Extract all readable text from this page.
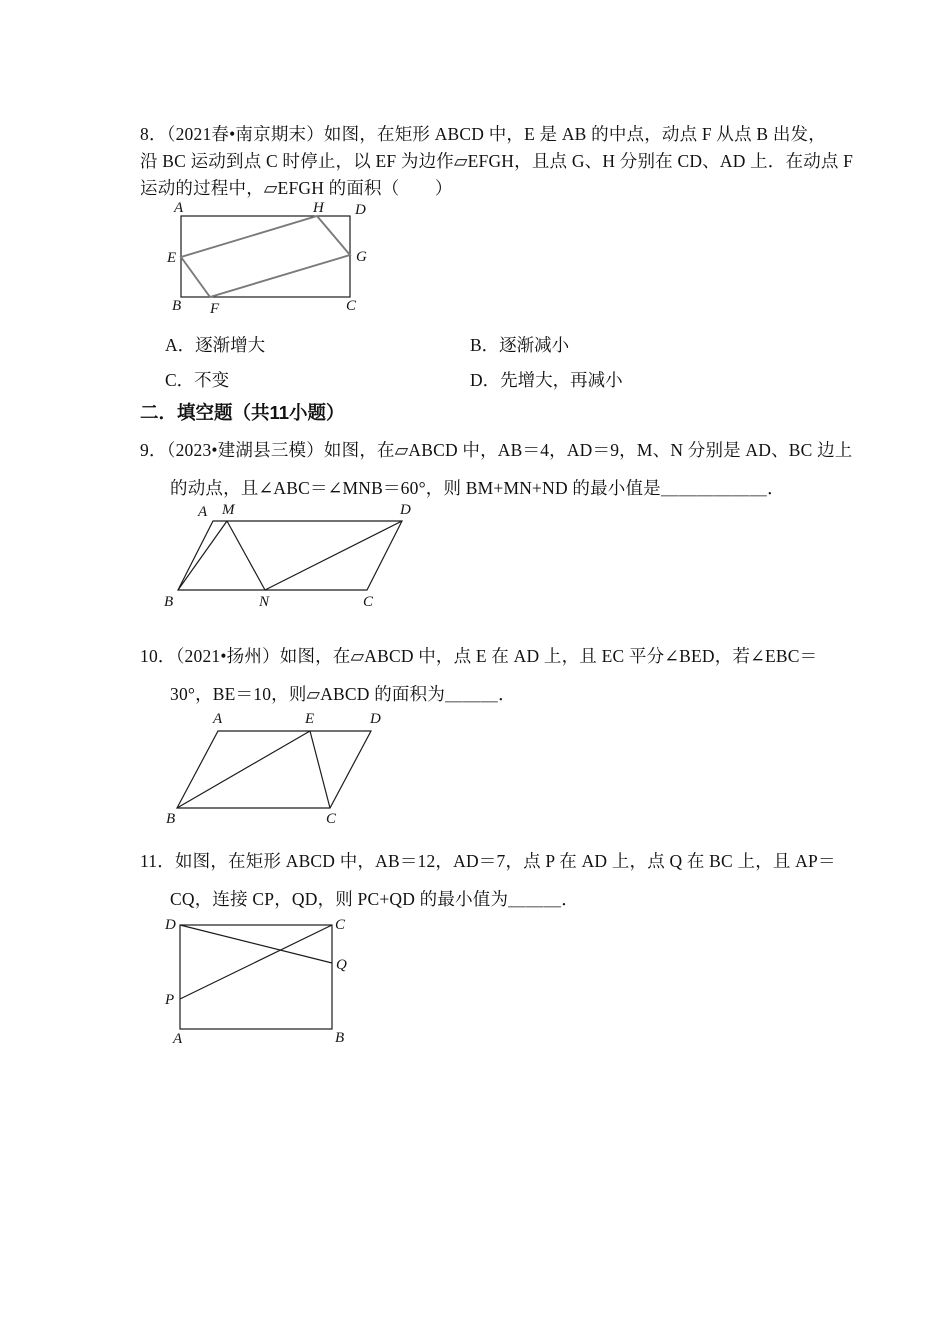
8．（2021春•南京期末）如图，在矩形 ABCD 中，E 是 AB 的中点，动点 F 从点 B 出发，
沿 BC 运动到点 C 时停止，以 EF 为边作▱EFGH，且点 G、H 分别在 CD、AD 上．在动点 F
运动的过程中，▱EFGH 的面积（　　）
A	H D
E	G
B F	C
A．逐渐增大	B．逐渐减小
C．不变	D．先增大，再减小
二．填空题（共11小题）
9．（2023•建湖县三模）如图，在▱ABCD 中，AB＝4，AD＝9，M、N 分别是 AD、BC 边上
的动点，且∠ABC＝∠MNB＝60°，则 BM+MN+ND 的最小值是＿＿＿＿＿＿．
A M	D
B	N	C
10．（2021•扬州）如图，在▱ABCD 中，点 E 在 AD 上，且 EC 平分∠BED，若∠EBC＝
30°，BE＝10，则▱ABCD 的面积为＿＿＿．
A	E	D
B	C
11．如图，在矩形 ABCD 中，AB＝12，AD＝7，点 P 在 AD 上，点 Q 在 BC 上，且 AP＝
CQ，连接 CP，QD，则 PC+QD 的最小值为＿＿＿．
D	C
Q
P
A	B
